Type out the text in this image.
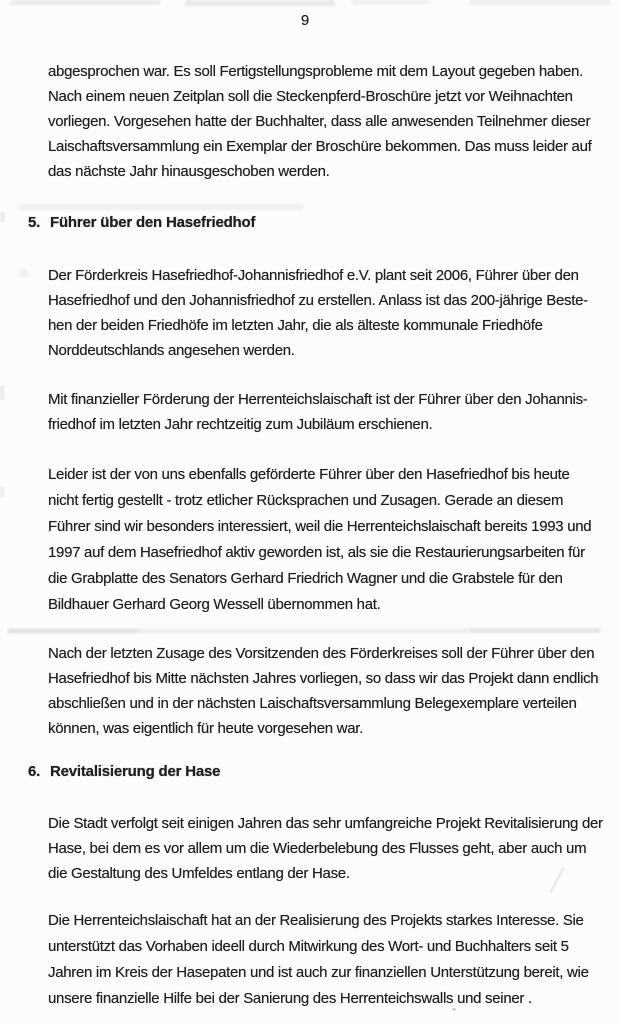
9
abgesprochen war. Es soll Fertigstellungsprobleme mit dem Layout gegeben haben.
Nach einem neuen Zeitplan soll die Steckenpferd-Broschüre jetzt vor Weihnachten
vorliegen. Vorgesehen hatte der Buchhalter, dass alle anwesenden Teilnehmer dieser
Laischaftsversammlung ein Exemplar der Broschüre bekommen. Das muss leider auf
das nächste Jahr hinausgeschoben werden.
5. Führer über den Hasefriedhof
Der Förderkreis Hasefriedhof-Johannisfriedhof e.V. plant seit 2006, Führer über den
Hasefriedhof und den Johannisfriedhof zu erstellen. Anlass ist das 200-jährige Beste-
hen der beiden Friedhöfe im letzten Jahr, die als älteste kommunale Friedhöfe
Norddeutschlands angesehen werden.
Mit finanzieller Förderung der Herrenteichslaischaft ist der Führer über den Johannis-
friedhof im letzten Jahr rechtzeitig zum Jubiläum erschienen.
Leider ist der von uns ebenfalls geförderte Führer über den Hasefriedhof bis heute
nicht fertig gestellt - trotz etlicher Rücksprachen und Zusagen. Gerade an diesem
Führer sind wir besonders interessiert, weil die Herrenteichslaischaft bereits 1993 und
1997 auf dem Hasefriedhof aktiv geworden ist, als sie die Restaurierungsarbeiten für
die Grabplatte des Senators Gerhard Friedrich Wagner und die Grabstele für den
Bildhauer Gerhard Georg Wessell übernommen hat.
Nach der letzten Zusage des Vorsitzenden des Förderkreises soll der Führer über den
Hasefriedhof bis Mitte nächsten Jahres vorliegen, so dass wir das Projekt dann endlich
abschließen und in der nächsten Laischaftsversammlung Belegexemplare verteilen
können, was eigentlich für heute vorgesehen war.
6. Revitalisierung der Hase
Die Stadt verfolgt seit einigen Jahren das sehr umfangreiche Projekt Revitalisierung der
Hase, bei dem es vor allem um die Wiederbelebung des Flusses geht, aber auch um
die Gestaltung des Umfeldes entlang der Hase.
Die Herrenteichslaischaft hat an der Realisierung des Projekts starkes Interesse. Sie
unterstützt das Vorhaben ideell durch Mitwirkung des Wort- und Buchhalters seit 5
Jahren im Kreis der Hasepaten und ist auch zur finanziellen Unterstützung bereit, wie
unsere finanzielle Hilfe bei der Sanierung des Herrenteichswalls und seiner .
